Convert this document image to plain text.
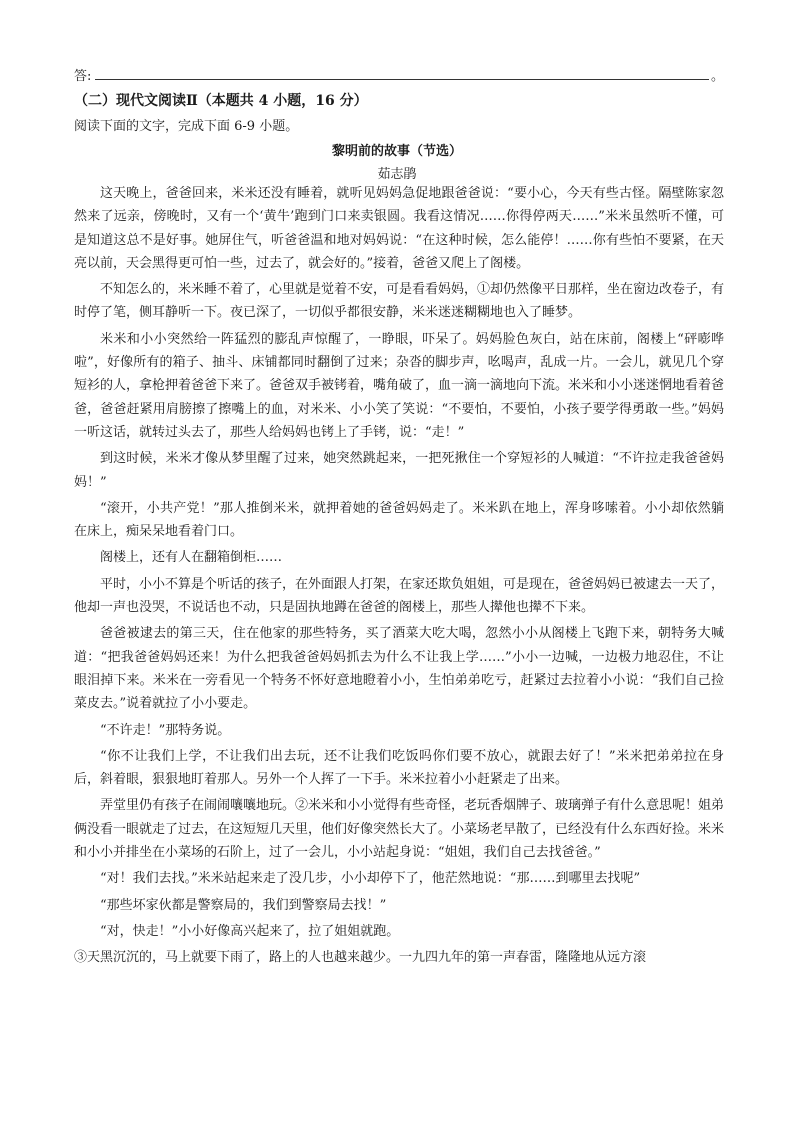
答:	。
（二）现代文阅读Ⅱ（本题共 4 小题，16 分）
阅读下面的文字，完成下面 6-9 小题。
黎明前的故事（节选）
茹志鹃

这天晚上，爸爸回来，米米还没有睡着，就听见妈妈急促地跟爸爸说：“要小心，今天有些古怪。隔壁陈家忽然来了远亲，傍晚时，又有一个‘黄牛’跑到门口来卖银圆。我看这情况……你得停两天……”米米虽然听不懂，可是知道这总不是好事。她屏住气，听爸爸温和地对妈妈说：“在这种时候，怎么能停！……你有些怕不要紧，在天亮以前，天会黑得更可怕一些，过去了，就会好的。”接着，爸爸又爬上了阁楼。

不知怎么的，米米睡不着了，心里就是觉着不安，可是看看妈妈，①却仍然像平日那样，坐在窗边改卷子，有时停了笔，侧耳静听一下。夜已深了，一切似乎都很安静，米米迷迷糊糊地也入了睡梦。

米米和小小突然给一阵猛烈的膨乱声惊醒了，一睁眼，吓呆了。妈妈脸色灰白，站在床前，阁楼上“砰嘭哗啦”，好像所有的箱子、抽斗、床铺都同时翻倒了过来；杂沓的脚步声，吆喝声，乱成一片。一会儿，就见几个穿短衫的人，拿枪押着爸爸下来了。爸爸双手被铐着，嘴角破了，血一滴一滴地向下流。米米和小小迷迷惘地看着爸爸，爸爸赶紧用肩膀擦了擦嘴上的血，对米米、小小笑了笑说：“不要怕，不要怕，小孩子要学得勇敢一些。”妈妈一听这话，就转过头去了，那些人给妈妈也铐上了手铐，说：“走！”

到这时候，米米才像从梦里醒了过来，她突然跳起来，一把死揪住一个穿短衫的人喊道：“不许拉走我爸爸妈妈！”

“滚开，小共产党！”那人推倒米米，就押着她的爸爸妈妈走了。米米趴在地上，浑身哆嗦着。小小却依然躺在床上，痴呆呆地看着门口。

阁楼上，还有人在翻箱倒柜……

平时，小小不算是个听话的孩子，在外面跟人打架，在家还欺负姐姐，可是现在，爸爸妈妈已被逮去一天了，他却一声也没哭，不说话也不动，只是固执地蹲在爸爸的阁楼上，那些人撵他也撵不下来。

爸爸被逮去的第三天，住在他家的那些特务，买了酒菜大吃大喝，忽然小小从阁楼上飞跑下来，朝特务大喊道：“把我爸爸妈妈还来！为什么把我爸爸妈妈抓去为什么不让我上学……”小小一边喊，一边极力地忍住，不让眼泪掉下来。米米在一旁看见一个特务不怀好意地瞪着小小，生怕弟弟吃亏，赶紧过去拉着小小说：“我们自己捡菜皮去。”说着就拉了小小要走。

“不许走！”那特务说。

“你不让我们上学，不让我们出去玩，还不让我们吃饭吗你们要不放心，就跟去好了！”米米把弟弟拉在身后，斜着眼，狠狠地盯着那人。另外一个人挥了一下手。米米拉着小小赶紧走了出来。

弄堂里仍有孩子在闹闹嚷嚷地玩。②米米和小小觉得有些奇怪，老玩香烟牌子、玻璃弹子有什么意思呢！姐弟俩没看一眼就走了过去，在这短短几天里，他们好像突然长大了。小菜场老早散了，已经没有什么东西好捡。米米和小小并排坐在小菜场的石阶上，过了一会儿，小小站起身说：“姐姐，我们自己去找爸爸。”

“对！我们去找。”米米站起来走了没几步，小小却停下了，他茫然地说：“那……到哪里去找呢”

“那些坏家伙都是警察局的，我们到警察局去找！”

“对，快走！”小小好像高兴起来了，拉了姐姐就跑。

③天黑沉沉的，马上就要下雨了，路上的人也越来越少。一九四九年的第一声春雷，隆隆地从远方滚
